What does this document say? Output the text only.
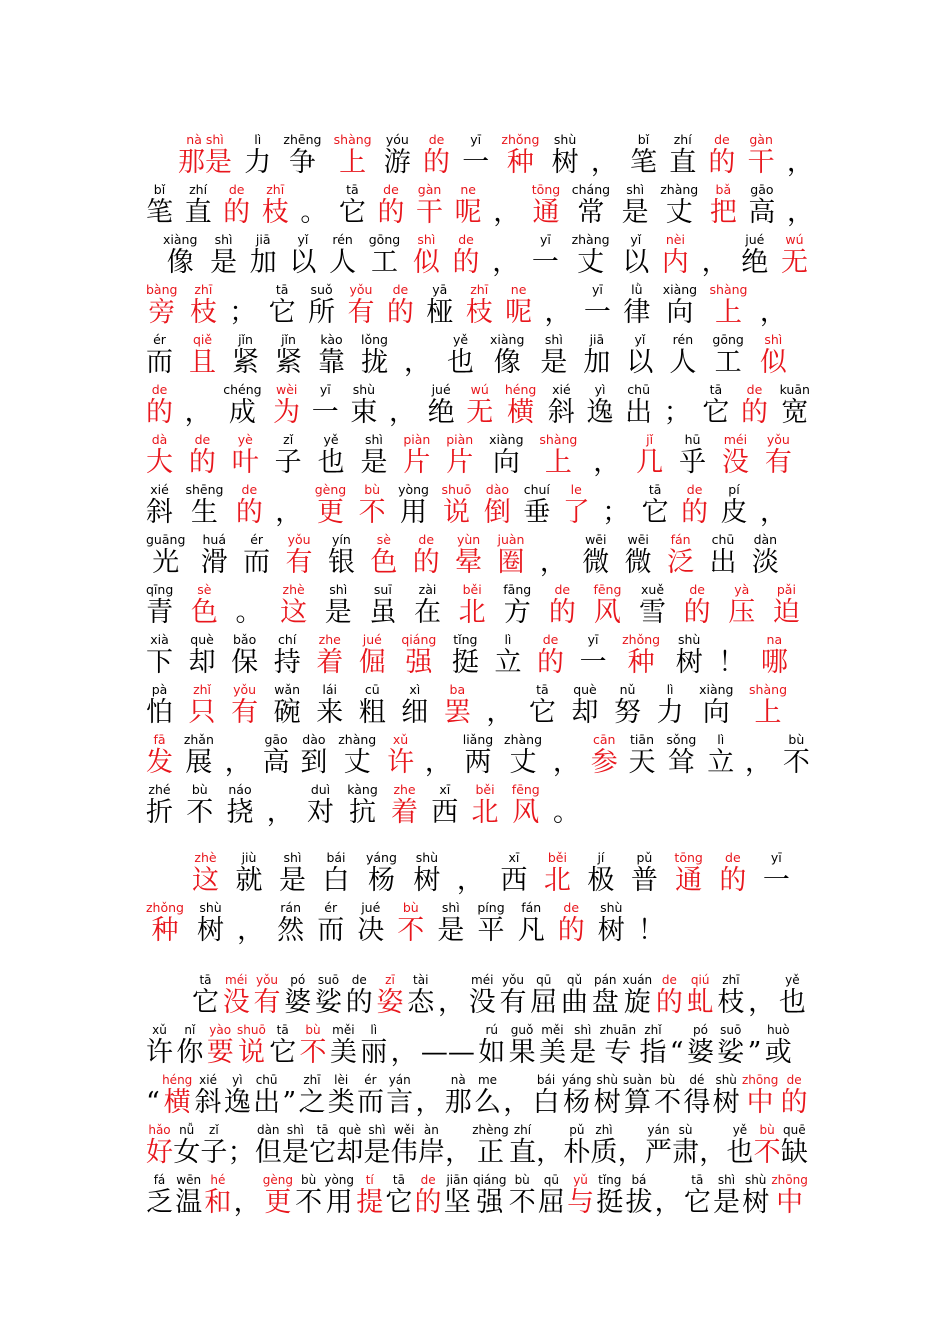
nà shì
那是
lì
力
zhēng
争
shàng
上
yóu
游
de
的
yī
一
zhǒng
种
shù
树 ，
bǐ
笔
zhí
直
de
的
gàn
干 ，
bǐ
笔
zhí
直
de
的
zhī
枝 。
tā
它
de
的
gàn
干
ne
呢 ，
tōng
通
cháng
常
shì
是
zhàng
丈
bǎ
把
gāo
高 ，
xiàng
像
shì
是
jiā
加
yǐ
以
rén
人
gōng
工
shì
似
de
的 ，
yī
一
zhàng
丈
yǐ
以
nèi
内 ，
jué
绝
wú
无
bàng
旁
zhī
枝 ；
tā
它
suǒ
所
yǒu
有
de
的
yā
桠
zhī
枝
ne
呢 ，
yī
一
lǜ
律
xiàng
向
shàng
上 ，
ér
而
qiě
且
jǐn
紧
jǐn
紧
kào
靠
lǒng
拢 ，
yě
也
xiàng
像
shì
是
jiā
加
yǐ
以
rén
人
gōng
工
shì
似
de
的 ，
chéng
成
wèi
为
yī
一
shù
束 ，
jué
绝
wú
无
héng
横
xié
斜
yì
逸
chū
出 ；
tā
它
de
的
kuān
宽
dà
大
de
的
yè
叶
zǐ
子
yě
也
shì
是
piàn
片
piàn
片
xiàng
向
shàng
上 ，
jǐ
几
hū
乎
méi
没
yǒu
有
xié
斜
shēng
生
de
的 ，
gèng
更
bù
不
yòng
用
shuō
说
dào
倒
chuí
垂
le
了 ；
tā
它
de
的
pí
皮 ，
guāng
光
huá
滑
ér
而
yǒu
有
yín
银
sè
色
de
的
yùn
晕
juàn
圈 ，
wēi
微
wēi
微
fán
泛
chū
出
dàn
淡
qīng
青
sè
色 。
zhè
这
shì
是
suī
虽
zài
在
běi
北
fāng
方
de
的
fēng
风
xuě
雪
de
的
yà
压
pǎi
迫
xià
下
què
却
bǎo
保
chí
持
zhe
着
jué
倔
qiáng
强
tǐng
挺
lì
立
de
的
yī
一
zhǒng
种
shù
树 ！
na
哪
pà
怕
zhǐ
只
yǒu
有
wǎn
碗
lái
来
cū
粗
xì
细
ba
罢 ，
tā
它
què
却
nǔ
努
lì
力
xiàng
向
shàng
上
fā
发
zhǎn
展 ，
gāo
高
dào
到
zhàng
丈
xǔ
许 ，
liǎng
两
zhàng
丈 ，
cān
参
tiān
天
sǒng
耸
lì
立 ，
bù
不
zhé
折
bù
不
náo
挠 ，
duì
对
kàng
抗
zhe
着
xī
西
běi
北
fēng
风 。
zhè
这
jiù
就
shì
是
bái
白
yáng
杨
shù
树 ，
xī
西
běi
北
jí
极
pǔ
普
tōng
通
de
的
yī
一
zhǒng
种
shù
树 ，
rán
然
ér
而
jué
决
bù
不
shì
是
píng
平
fán
凡
de
的
shù
树 ！
tā
它
méi
没
yǒu
有
pó
婆
suō
娑
de
的
zī
姿
tài
态 ，
méi
没
yǒu
有
qū
屈
qǔ
曲
pán
盘
xuán
旋
de
的
qiú
虬
zhī
枝 ，
yě
也
xǔ
许
nǐ
你
yào
要
shuō
说
tā
它
bù
不
měi
美
lì
丽 ， ——
rú
如
guǒ
果
měi
美
shì
是
zhuān
专
zhǐ
指 “
pó
婆
suō
娑 ”
huò
或
“
héng
横
xié
斜
yì
逸
chū
出 ”
zhī
之
lèi
类
ér
而
yán
言 ，
nà
那
me
么 ，
bái
白
yáng
杨
shù
树
suàn
算
bù
不
dé
得
shù
树
zhōng
中
de
的
hǎo
好
nǚ
女
zǐ
子 ；
dàn
但
shì
是
tā
它
què
却
shì
是
wěi
伟
àn
岸 ，
zhèng
正
zhí
直 ，
pǔ
朴
zhì
质 ，
yán
严
sù
肃 ，
yě
也
bù
不
quē
缺
fá
乏
wēn
温
hé
和 ，
gèng
更
bù
不
yòng
用
tí
提
tā
它
de
的
jiān
坚
qiáng
强
bù
不
qū
屈
yǔ
与
tǐng
挺
bá
拔 ，
tā
它
shì
是
shù
树
zhōng
中
